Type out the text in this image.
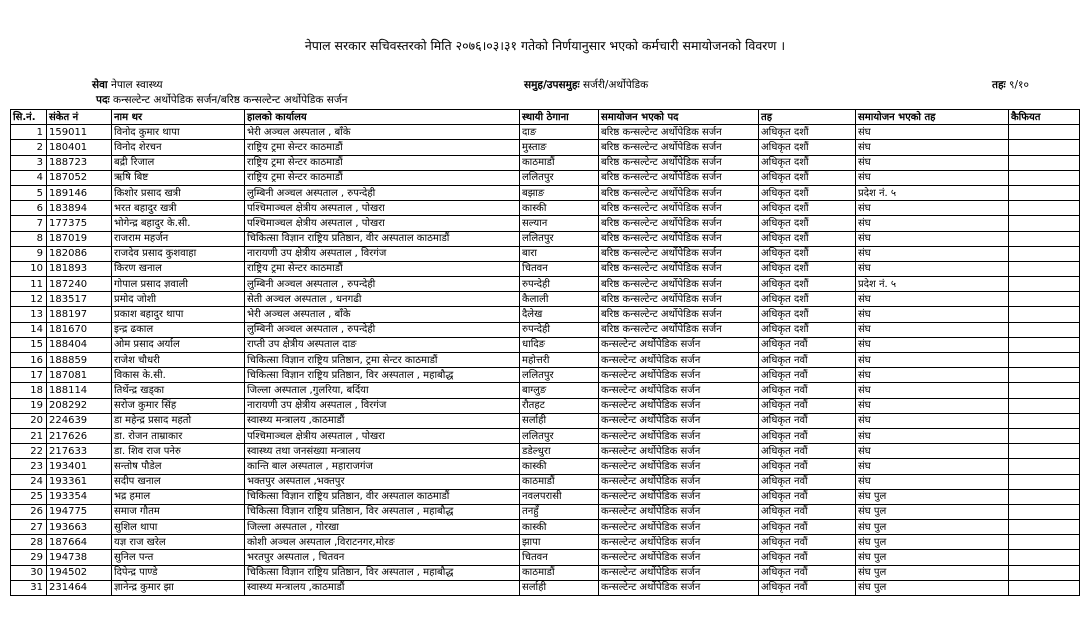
नेपाल सरकार सचिवस्तरको मिति २०७६।०३।३१ गतेको निर्णयानुसार भएको कर्मचारी समायोजनको विवरण ।
सेवा नेपाल स्वास्थ्य	समुह/उपसमुहः सर्जरी/अर्थोपेडिक	तहः ९/१०
पदः कन्सल्टेन्ट अर्थोपेडिक सर्जन/बरिष्ठ कन्सल्टेन्ट अर्थोपेडिक सर्जन
सि.नं.	संकेत नं	नाम थर	हालको कार्यालय	स्थायी ठेगाना	समायोजन भएको पद	तह	समायोजन भएको तह	कैफियत
1	159011	विनोद कुमार थापा	भेरी अञ्चल अस्पताल , बाँके	दाङ	बरिष्ठ कन्सल्टेन्ट अर्थोपेडिक सर्जन	अधिकृत दशौं	संघ	
2	180401	विनोद शेरचन	राष्ट्रिय ट्रमा सेन्टर काठमाडौं	मुस्ताङ	बरिष्ठ कन्सल्टेन्ट अर्थोपेडिक सर्जन	अधिकृत दशौं	संघ	
3	188723	बद्री रिजाल	राष्ट्रिय ट्रमा सेन्टर काठमाडौं	काठमाडौं	बरिष्ठ कन्सल्टेन्ट अर्थोपेडिक सर्जन	अधिकृत दशौं	संघ	
4	187052	ऋषि बिष्ट	राष्ट्रिय ट्रमा सेन्टर काठमाडौं	ललितपुर	बरिष्ठ कन्सल्टेन्ट अर्थोपेडिक सर्जन	अधिकृत दशौं	संघ	
5	189146	किशोर प्रसाद खत्री	लुम्बिनी अञ्चल अस्पताल , रुपन्देही	बझाङ	बरिष्ठ कन्सल्टेन्ट अर्थोपेडिक सर्जन	अधिकृत दशौं	प्रदेश नं. ५	
6	183894	भरत बहादुर खत्री	पश्चिमाञ्चल क्षेत्रीय अस्पताल , पोखरा	कास्की	बरिष्ठ कन्सल्टेन्ट अर्थोपेडिक सर्जन	अधिकृत दशौं	संघ	
7	177375	भोगेन्द्र बहादुर के.सी.	पश्चिमाञ्चल क्षेत्रीय अस्पताल , पोखरा	सल्यान	बरिष्ठ कन्सल्टेन्ट अर्थोपेडिक सर्जन	अधिकृत दशौं	संघ	
8	187019	राजराम महर्जन	चिकित्सा विज्ञान राष्ट्रिय प्रतिष्ठान, वीर अस्पताल काठमाडौं	ललितपुर	बरिष्ठ कन्सल्टेन्ट अर्थोपेडिक सर्जन	अधिकृत दशौं	संघ	
9	182086	राजदेव प्रसाद कुशवाहा	नारायणी उप क्षेत्रीय अस्पताल , विरगंज	बारा	बरिष्ठ कन्सल्टेन्ट अर्थोपेडिक सर्जन	अधिकृत दशौं	संघ	
10	181893	किरण खनाल	राष्ट्रिय ट्रमा सेन्टर काठमाडौं	चितवन	बरिष्ठ कन्सल्टेन्ट अर्थोपेडिक सर्जन	अधिकृत दशौं	संघ	
11	187240	गोपाल प्रसाद ज्ञवाली	लुम्बिनी अञ्चल अस्पताल , रुपन्देही	रुपन्देही	बरिष्ठ कन्सल्टेन्ट अर्थोपेडिक सर्जन	अधिकृत दशौं	प्रदेश नं. ५	
12	183517	प्रमोद जोशी	सेती अञ्चल अस्पताल , धनगढी	कैलाली	बरिष्ठ कन्सल्टेन्ट अर्थोपेडिक सर्जन	अधिकृत दशौं	संघ	
13	188197	प्रकाश बहादुर थापा	भेरी अञ्चल अस्पताल , बाँके	दैलेख	बरिष्ठ कन्सल्टेन्ट अर्थोपेडिक सर्जन	अधिकृत दशौं	संघ	
14	181670	इन्द्र ढकाल	लुम्बिनी अञ्चल अस्पताल , रुपन्देही	रुपन्देही	बरिष्ठ कन्सल्टेन्ट अर्थोपेडिक सर्जन	अधिकृत दशौं	संघ	
15	188404	ओम प्रसाद अर्याल	राप्ती उप क्षेत्रीय अस्पताल दाङ	धादिङ	कन्सल्टेन्ट अर्थोपेडिक सर्जन	अधिकृत नवौं	संघ	
16	188859	राजेश चौधरी	चिकित्सा विज्ञान राष्ट्रिय प्रतिष्ठान, ट्रमा सेन्टर काठमाडौं	महोत्तरी	कन्सल्टेन्ट अर्थोपेडिक सर्जन	अधिकृत नवौं	संघ	
17	187081	विकास के.सी.	चिकित्सा विज्ञान राष्ट्रिय प्रतिष्ठान, विर अस्पताल , महाबौद्ध	ललितपुर	कन्सल्टेन्ट अर्थोपेडिक सर्जन	अधिकृत नवौं	संघ	
18	188114	तिर्थेन्द्र खड्का	जिल्ला अस्पताल ,गुलरिया, बर्दिया	बाग्लुङ	कन्सल्टेन्ट अर्थोपेडिक सर्जन	अधिकृत नवौं	संघ	
19	208292	सरोज कुमार सिंह	नारायणी उप क्षेत्रीय अस्पताल , विरगंज	रौतहट	कन्सल्टेन्ट अर्थोपेडिक सर्जन	अधिकृत नवौं	संघ	
20	224639	डा महेन्द्र प्रसाद महतो	स्वास्थ्य मन्त्रालय ,काठमाडौं	सर्लाही	कन्सल्टेन्ट अर्थोपेडिक सर्जन	अधिकृत नवौं	संघ	
21	217626	डा. रोजन ताम्राकार	पश्चिमाञ्चल क्षेत्रीय अस्पताल , पोखरा	ललितपुर	कन्सल्टेन्ट अर्थोपेडिक सर्जन	अधिकृत नवौं	संघ	
22	217633	डा. शिव राज पनेरु	स्वास्थ्य तथा जनसंख्या मन्त्रालय	डडेल्धुरा	कन्सल्टेन्ट अर्थोपेडिक सर्जन	अधिकृत नवौं	संघ	
23	193401	सन्तोष पौडेल	कान्ति बाल अस्पताल , महाराजगंज	कास्की	कन्सल्टेन्ट अर्थोपेडिक सर्जन	अधिकृत नवौं	संघ	
24	193361	सदीप खनाल	भक्तपुर अस्पताल ,भक्तपुर	काठमाडौं	कन्सल्टेन्ट अर्थोपेडिक सर्जन	अधिकृत नवौं	संघ	
25	193354	भद्र हमाल	चिकित्सा विज्ञान राष्ट्रिय प्रतिष्ठान, वीर अस्पताल काठमाडौं	नवलपरासी	कन्सल्टेन्ट अर्थोपेडिक सर्जन	अधिकृत नवौं	संघ पुल	
26	194775	समाज गौतम	चिकित्सा विज्ञान राष्ट्रिय प्रतिष्ठान, विर अस्पताल , महाबौद्ध	तनहुँ	कन्सल्टेन्ट अर्थोपेडिक सर्जन	अधिकृत नवौं	संघ पुल	
27	193663	सुशिल थापा	जिल्ला अस्पताल , गोरखा	कास्की	कन्सल्टेन्ट अर्थोपेडिक सर्जन	अधिकृत नवौं	संघ पुल	
28	187664	यज्ञ राज खरेल	कोशी अञ्चल अस्पताल ,विराटनगर,मोरङ	झापा	कन्सल्टेन्ट अर्थोपेडिक सर्जन	अधिकृत नवौं	संघ पुल	
29	194738	सुनिल पन्त	भरतपुर अस्पताल , चितवन	चितवन	कन्सल्टेन्ट अर्थोपेडिक सर्जन	अधिकृत नवौं	संघ पुल	
30	194502	दिपेन्द्र पाण्डे	चिकित्सा विज्ञान राष्ट्रिय प्रतिष्ठान, विर अस्पताल , महाबौद्ध	काठमाडौं	कन्सल्टेन्ट अर्थोपेडिक सर्जन	अधिकृत नवौं	संघ पुल	
31	231464	ज्ञानेन्द्र कुमार झा	स्वास्थ्य मन्त्रालय ,काठमाडौं	सर्लाही	कन्सल्टेन्ट अर्थोपेडिक सर्जन	अधिकृत नवौं	संघ पुल	
